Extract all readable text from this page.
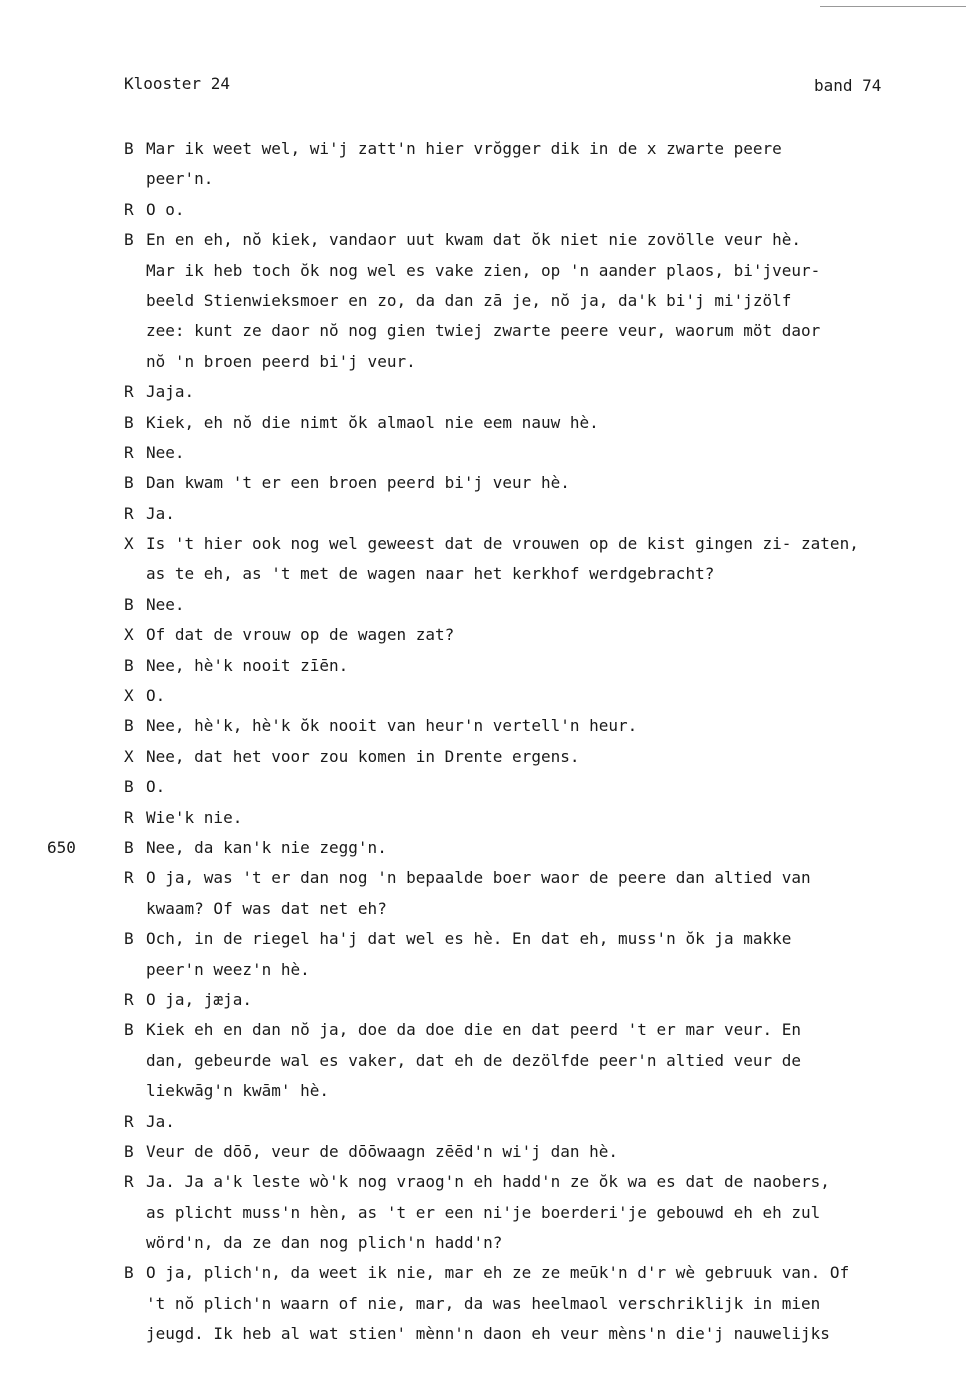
Klooster 24	band 74
B Mar ik weet wel, wi'j zatt'n hier vrŏgger dik in de x zwarte peere
peer'n.
R O o.
B En en eh, nŏ kiek, vandaor uut kwam dat ŏk niet nie zovölle veur hè.
Mar ik heb toch ŏk nog wel es vake zien, op 'n aander plaos, bi'jveur-
beeld Stienwieksmoer en zo, da dan zā je, nŏ ja, da'k bi'j mi'jzölf
zee: kunt ze daor nŏ nog gien twiej zwarte peere veur, waorum möt daor
nŏ 'n broen peerd bi'j veur.
R Jaja.
B Kiek, eh nŏ die nimt ŏk almaol nie eem nauw hè.
R Nee.
B Dan kwam 't er een broen peerd bi'j veur hè.
R Ja.
X Is 't hier ook nog wel geweest dat de vrouwen op de kist gingen zi- zaten,
as te eh, as 't met de wagen naar het kerkhof werdgebracht?
B Nee.
X Of dat de vrouw op de wagen zat?
B Nee, hè'k nooit zīēn.
X O.
B Nee, hè'k, hè'k ŏk nooit van heur'n vertell'n heur.
X Nee, dat het voor zou komen in Drente ergens.
B O.
R Wie'k nie.
650	B Nee, da kan'k nie zegg'n.
R O ja, was 't er dan nog 'n bepaalde boer waor de peere dan altied van
kwaam? Of was dat net eh?
B Och, in de riegel ha'j dat wel es hè. En dat eh, muss'n ŏk ja makke
peer'n weez'n hè.
R O ja, jæja.
B Kiek eh en dan nŏ ja, doe da doe die en dat peerd 't er mar veur. En
dan, gebeurde wal es vaker, dat eh de dezölfde peer'n altied veur de
liekwāg'n kwām' hè.
R Ja.
B Veur de dōō, veur de dōōwaagn zēēd'n wi'j dan hè.
R Ja. Ja a'k leste wò'k nog vraog'n eh hadd'n ze ŏk wa es dat de naobers,
as plicht muss'n hèn, as 't er een ni'je boerderi'je gebouwd eh eh zul
wörd'n, da ze dan nog plich'n hadd'n?
B O ja, plich'n, da weet ik nie, mar eh ze ze meūk'n d'r wè gebruuk van. Of
't nŏ plich'n waarn of nie, mar, da was heelmaol verschriklijk in mien
jeugd. Ik heb al wat stien' mènn'n daon eh veur mèns'n die'j nauwelijks
